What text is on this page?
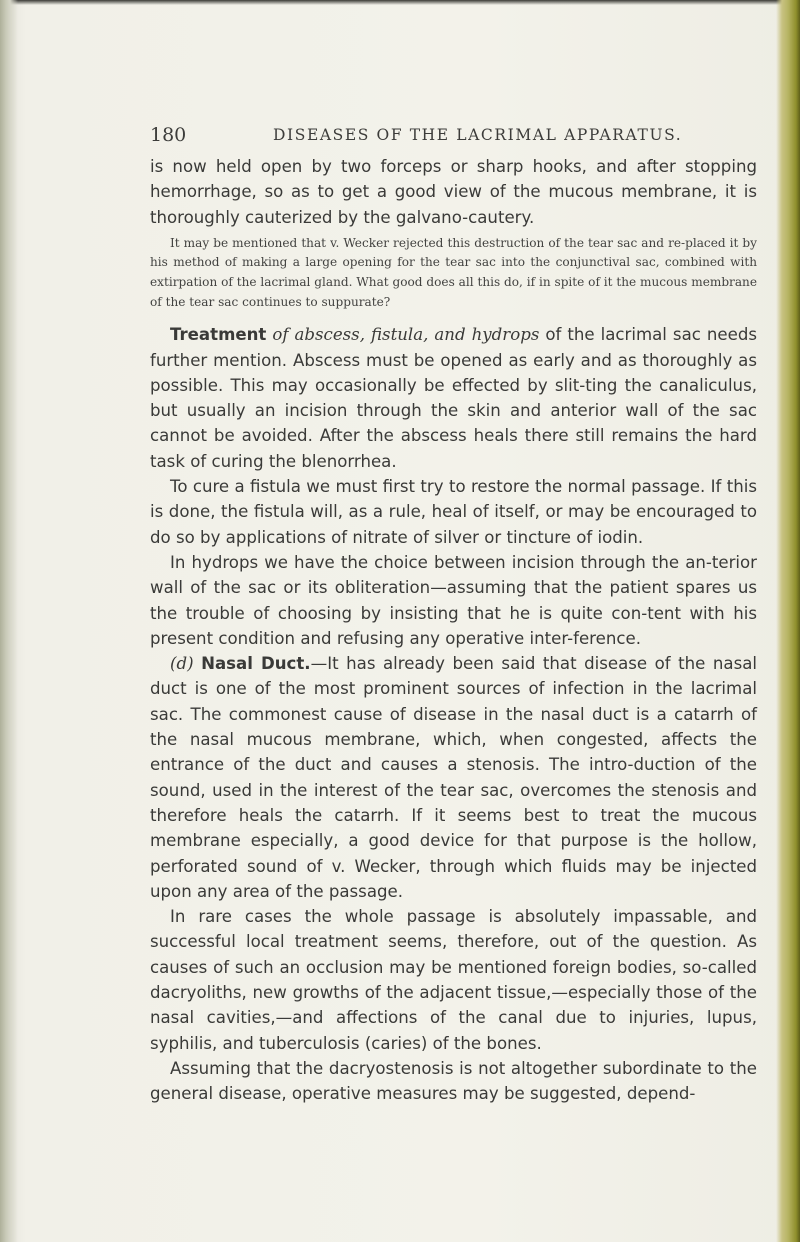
180	DISEASES OF THE LACRIMAL APPARATUS.

is now held open by two forceps or sharp hooks, and after stopping hemorrhage, so as to get a good view of the mucous membrane, it is thoroughly cauterized by the galvano-cautery.

It may be mentioned that v. Wecker rejected this destruction of the tear sac and re-placed it by his method of making a large opening for the tear sac into the conjunctival sac, combined with extirpation of the lacrimal gland. What good does all this do, if in spite of it the mucous membrane of the tear sac continues to suppurate?

Treatment of abscess, fistula, and hydrops of the lacrimal sac needs further mention. Abscess must be opened as early and as thoroughly as possible. This may occasionally be effected by slit-ting the canaliculus, but usually an incision through the skin and anterior wall of the sac cannot be avoided. After the abscess heals there still remains the hard task of curing the blenorrhea.

To cure a fistula we must first try to restore the normal passage. If this is done, the fistula will, as a rule, heal of itself, or may be encouraged to do so by applications of nitrate of silver or tincture of iodin.

In hydrops we have the choice between incision through the an-terior wall of the sac or its obliteration—assuming that the patient spares us the trouble of choosing by insisting that he is quite con-tent with his present condition and refusing any operative inter-ference.

(d) Nasal Duct.—It has already been said that disease of the nasal duct is one of the most prominent sources of infection in the lacrimal sac. The commonest cause of disease in the nasal duct is a catarrh of the nasal mucous membrane, which, when congested, affects the entrance of the duct and causes a stenosis. The intro-duction of the sound, used in the interest of the tear sac, overcomes the stenosis and therefore heals the catarrh. If it seems best to treat the mucous membrane especially, a good device for that purpose is the hollow, perforated sound of v. Wecker, through which fluids may be injected upon any area of the passage.

In rare cases the whole passage is absolutely impassable, and successful local treatment seems, therefore, out of the question. As causes of such an occlusion may be mentioned foreign bodies, so-called dacryoliths, new growths of the adjacent tissue,—especially those of the nasal cavities,—and affections of the canal due to injuries, lupus, syphilis, and tuberculosis (caries) of the bones.

Assuming that the dacryostenosis is not altogether subordinate to the general disease, operative measures may be suggested, depend-
